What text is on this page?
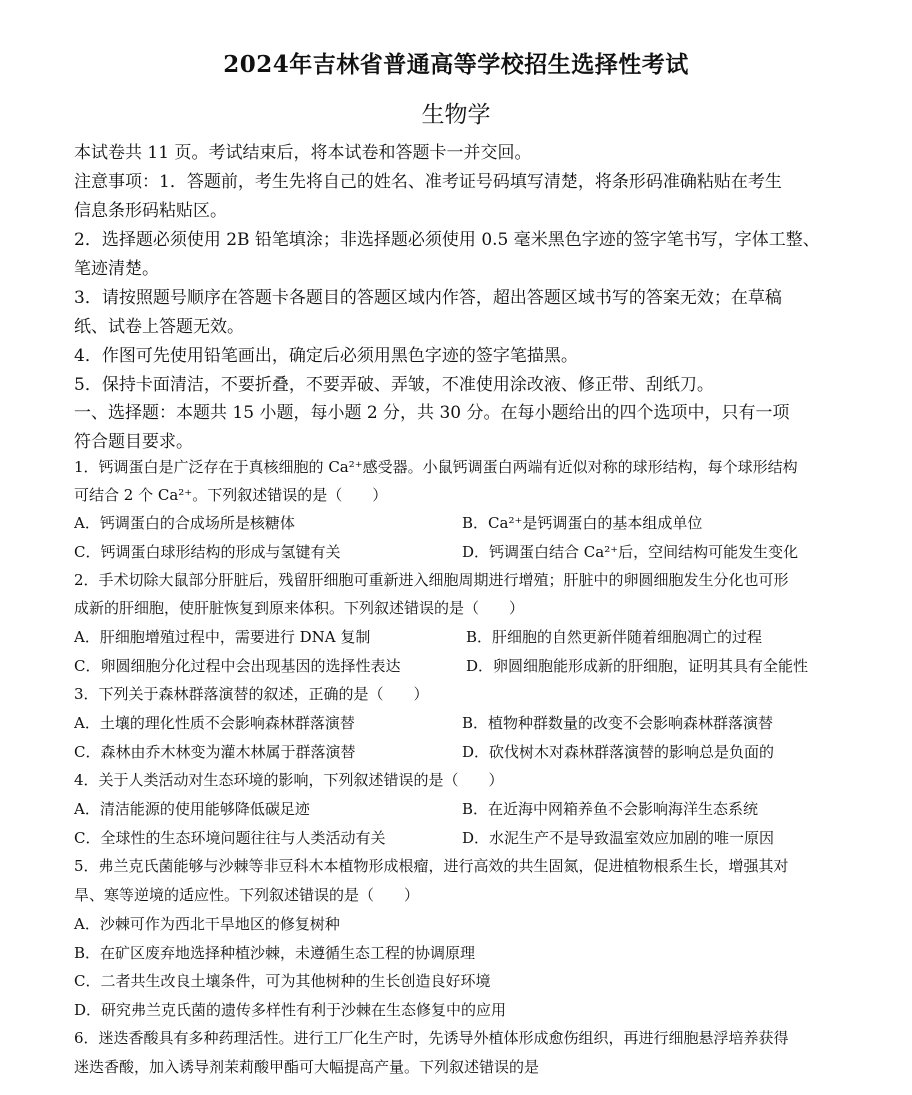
2024年吉林省普通高等学校招生选择性考试
生物学
本试卷共 11 页。考试结束后，将本试卷和答题卡一并交回。
注意事项：1．答题前，考生先将自己的姓名、准考证号码填写清楚，将条形码准确粘贴在考生
信息条形码粘贴区。
2．选择题必须使用 2B 铅笔填涂；非选择题必须使用 0.5 毫米黑色字迹的签字笔书写，字体工整、
笔迹清楚。
3．请按照题号顺序在答题卡各题目的答题区域内作答，超出答题区域书写的答案无效；在草稿
纸、试卷上答题无效。
4．作图可先使用铅笔画出，确定后必须用黑色字迹的签字笔描黑。
5．保持卡面清洁，不要折叠，不要弄破、弄皱，不准使用涂改液、修正带、刮纸刀。
一、选择题：本题共 15 小题，每小题 2 分，共 30 分。在每小题给出的四个选项中，只有一项
符合题目要求。
1．钙调蛋白是广泛存在于真核细胞的 Ca²⁺感受器。小鼠钙调蛋白两端有近似对称的球形结构，每个球形结构
可结合 2 个 Ca²⁺。下列叙述错误的是（　　）
A．钙调蛋白的合成场所是核糖体	B．Ca²⁺是钙调蛋白的基本组成单位
C．钙调蛋白球形结构的形成与氢键有关	D．钙调蛋白结合 Ca²⁺后，空间结构可能发生变化
2．手术切除大鼠部分肝脏后，残留肝细胞可重新进入细胞周期进行增殖；肝脏中的卵圆细胞发生分化也可形
成新的肝细胞，使肝脏恢复到原来体积。下列叙述错误的是（　　）
A．肝细胞增殖过程中，需要进行 DNA 复制	B．肝细胞的自然更新伴随着细胞凋亡的过程
C．卵圆细胞分化过程中会出现基因的选择性表达	D．卵圆细胞能形成新的肝细胞，证明其具有全能性
3．下列关于森林群落演替的叙述，正确的是（　　）
A．土壤的理化性质不会影响森林群落演替	B．植物种群数量的改变不会影响森林群落演替
C．森林由乔木林变为灌木林属于群落演替	D．砍伐树木对森林群落演替的影响总是负面的
4．关于人类活动对生态环境的影响，下列叙述错误的是（　　）
A．清洁能源的使用能够降低碳足迹	B．在近海中网箱养鱼不会影响海洋生态系统
C．全球性的生态环境问题往往与人类活动有关	D．水泥生产不是导致温室效应加剧的唯一原因
5．弗兰克氏菌能够与沙棘等非豆科木本植物形成根瘤，进行高效的共生固氮，促进植物根系生长，增强其对
旱、寒等逆境的适应性。下列叙述错误的是（　　）
A．沙棘可作为西北干旱地区的修复树种
B．在矿区废弃地选择种植沙棘，未遵循生态工程的协调原理
C．二者共生改良土壤条件，可为其他树种的生长创造良好环境
D．研究弗兰克氏菌的遗传多样性有利于沙棘在生态修复中的应用
6．迷迭香酸具有多种药理活性。进行工厂化生产时，先诱导外植体形成愈伤组织，再进行细胞悬浮培养获得
迷迭香酸，加入诱导剂茉莉酸甲酯可大幅提高产量。下列叙述错误的是
